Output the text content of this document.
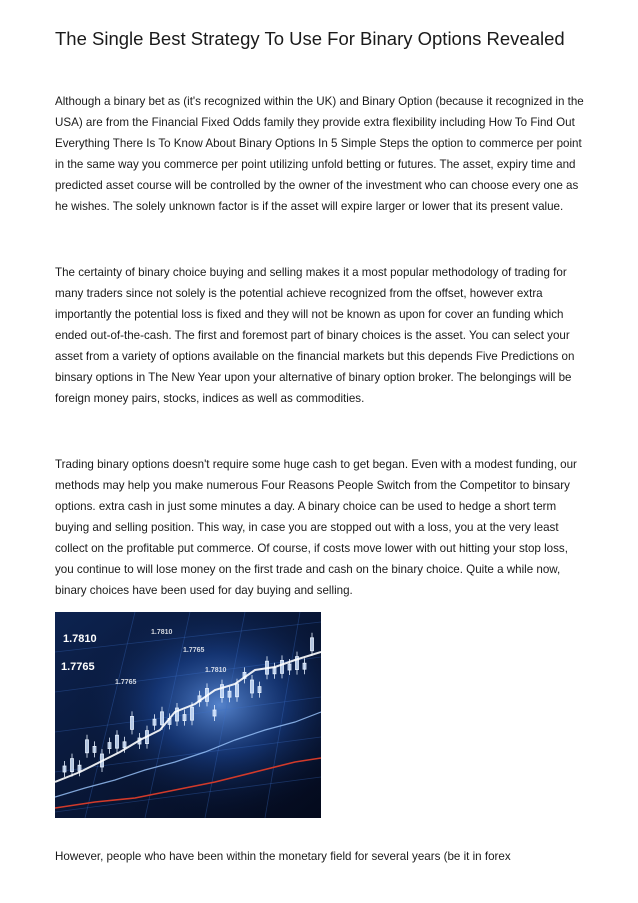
The Single Best Strategy To Use For Binary Options Revealed

Although a binary bet as (it's recognized within the UK) and Binary Option (because it recognized in the USA) are from the Financial Fixed Odds family they provide extra flexibility including How To Find Out Everything There Is To Know About Binary Options In 5 Simple Steps the option to commerce per point in the same way you commerce per point utilizing unfold betting or futures. The asset, expiry time and predicted asset course will be controlled by the owner of the investment who can choose every one as he wishes. The solely unknown factor is if the asset will expire larger or lower that its present value.

The certainty of binary choice buying and selling makes it a most popular methodology of trading for many traders since not solely is the potential achieve recognized from the offset, however extra importantly the potential loss is fixed and they will not be known as upon for cover an funding which ended out-of-the-cash. The first and foremost part of binary choices is the asset. You can select your asset from a variety of options available on the financial markets but this depends Five Predictions on binsary options in The New Year upon your alternative of binary option broker. The belongings will be foreign money pairs, stocks, indices as well as commodities.

Trading binary options doesn't require some huge cash to get began. Even with a modest funding, our methods may help you make numerous Four Reasons People Switch from the Competitor to binsary options. extra cash in just some minutes a day. A binary choice can be used to hedge a short term buying and selling position. This way, in case you are stopped out with a loss, you at the very least collect on the profitable put commerce. Of course, if costs move lower with out hitting your stop loss, you continue to will lose money on the first trade and cash on the binary choice. Quite a while now, binary choices have been used for day buying and selling.

1.7810
1.7765
1.7810
1.7765
1.7810
1.7765

However, people who have been within the monetary field for several years (be it in forex
